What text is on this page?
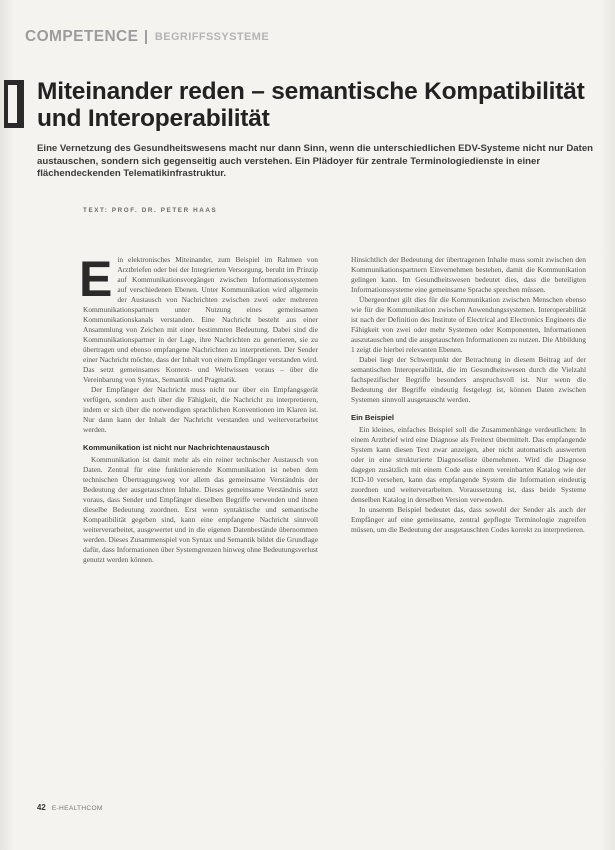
COMPETENCE BEGRIFFSSYSTEME
Miteinander reden – semantische Kompatibilität und Interoperabilität

Eine Vernetzung des Gesundheitswesens macht nur dann Sinn, wenn die unterschiedlichen EDV-Systeme nicht nur Daten austauschen, sondern sich gegenseitig auch verstehen. Ein Plädoyer für zentrale Terminologiedienste in einer flächendeckenden Telematikinfrastruktur.

TEXT: PROF. DR. PETER HAAS

Ein elektronisches Miteinander, zum Beispiel im Rahmen von Arztbriefen oder bei der Integrierten Versorgung, beruht im Prinzip auf Kommunikationsvorgängen zwischen Informationssystemen auf verschiedenen Ebenen. Unter Kommunikation wird allgemein der Austausch von Nachrichten zwischen zwei oder mehreren Kommunikationspartnern unter Nutzung eines gemeinsamen Kommunikationskanals verstanden. Eine Nachricht besteht aus einer Ansammlung von Zeichen mit einer bestimmten Bedeutung. Dabei sind die Kommunikationspartner in der Lage, ihre Nachrichten zu generieren, sie zu übertragen und ebenso empfangene Nachrichten zu interpretieren. Der Sender einer Nachricht möchte, dass der Inhalt von einem Empfänger verstanden wird. Das setzt gemeinsames Kontext- und Weltwissen voraus – über die Vereinbarung von Syntax, Semantik und Pragmatik.

Der Empfänger der Nachricht muss nicht nur über ein Empfangsgerät verfügen, sondern auch über die Fähigkeit, die Nachricht zu interpretieren, indem er sich über die notwendigen sprachlichen Konventionen im Klaren ist. Nur dann kann der Inhalt der Nachricht verstanden und weiterverarbeitet werden.

Kommunikation ist nicht nur Nachrichtenaustausch

Kommunikation ist damit mehr als ein reiner technischer Austausch von Daten. Zentral für eine funktionierende Kommunikation ist neben dem technischen Übertragungsweg vor allem das gemeinsame Verständnis der Bedeutung der ausgetauschten Inhalte. Dieses gemeinsame Verständnis setzt voraus, dass Sender und Empfänger dieselben Begriffe verwenden und ihnen dieselbe Bedeutung zuordnen. Erst wenn syntaktische und semantische Kompatibilität gegeben sind, kann eine empfangene Nachricht sinnvoll weiterverarbeitet, ausgewertet und in die eigenen Datenbestände übernommen werden. Dieses Zusammenspiel von Syntax und Semantik bildet die Grundlage dafür, dass Informationen über Systemgrenzen hinweg ohne Bedeutungsverlust genutzt werden können.

Hinsichtlich der Bedeutung der übertragenen Inhalte muss somit zwischen den Kommunikationspartnern Einvernehmen bestehen, damit die Kommunikation gelingen kann. Im Gesundheitswesen bedeutet dies, dass die beteiligten Informationssysteme eine gemeinsame Sprache sprechen müssen.

Übergeordnet gilt dies für die Kommunikation zwischen Menschen ebenso wie für die Kommunikation zwischen Anwendungssystemen. Interoperabilität ist nach der Definition des Institute of Electrical and Electronics Engineers die Fähigkeit von zwei oder mehr Systemen oder Komponenten, Informationen auszutauschen und die ausgetauschten Informationen zu nutzen. Die Abbildung 1 zeigt die hierbei relevanten Ebenen.

Dabei liegt der Schwerpunkt der Betrachtung in diesem Beitrag auf der semantischen Interoperabilität, die im Gesundheitswesen durch die Vielzahl fachspezifischer Begriffe besonders anspruchsvoll ist. Nur wenn die Bedeutung der Begriffe eindeutig festgelegt ist, können Daten zwischen Systemen sinnvoll ausgetauscht werden.

Ein Beispiel

Ein kleines, einfaches Beispiel soll die Zusammenhänge verdeutlichen: In einem Arztbrief wird eine Diagnose als Freitext übermittelt. Das empfangende System kann diesen Text zwar anzeigen, aber nicht automatisch auswerten oder in eine strukturierte Diagnoseliste übernehmen. Wird die Diagnose dagegen zusätzlich mit einem Code aus einem vereinbarten Katalog wie der ICD-10 versehen, kann das empfangende System die Information eindeutig zuordnen und weiterverarbeiten. Voraussetzung ist, dass beide Systeme denselben Katalog in derselben Version verwenden.

In unserem Beispiel bedeutet das, dass sowohl der Sender als auch der Empfänger auf eine gemeinsame, zentral gepflegte Terminologie zugreifen müssen, um die Bedeutung der ausgetauschten Codes korrekt zu interpretieren.

42 E-HEALTHCOM
